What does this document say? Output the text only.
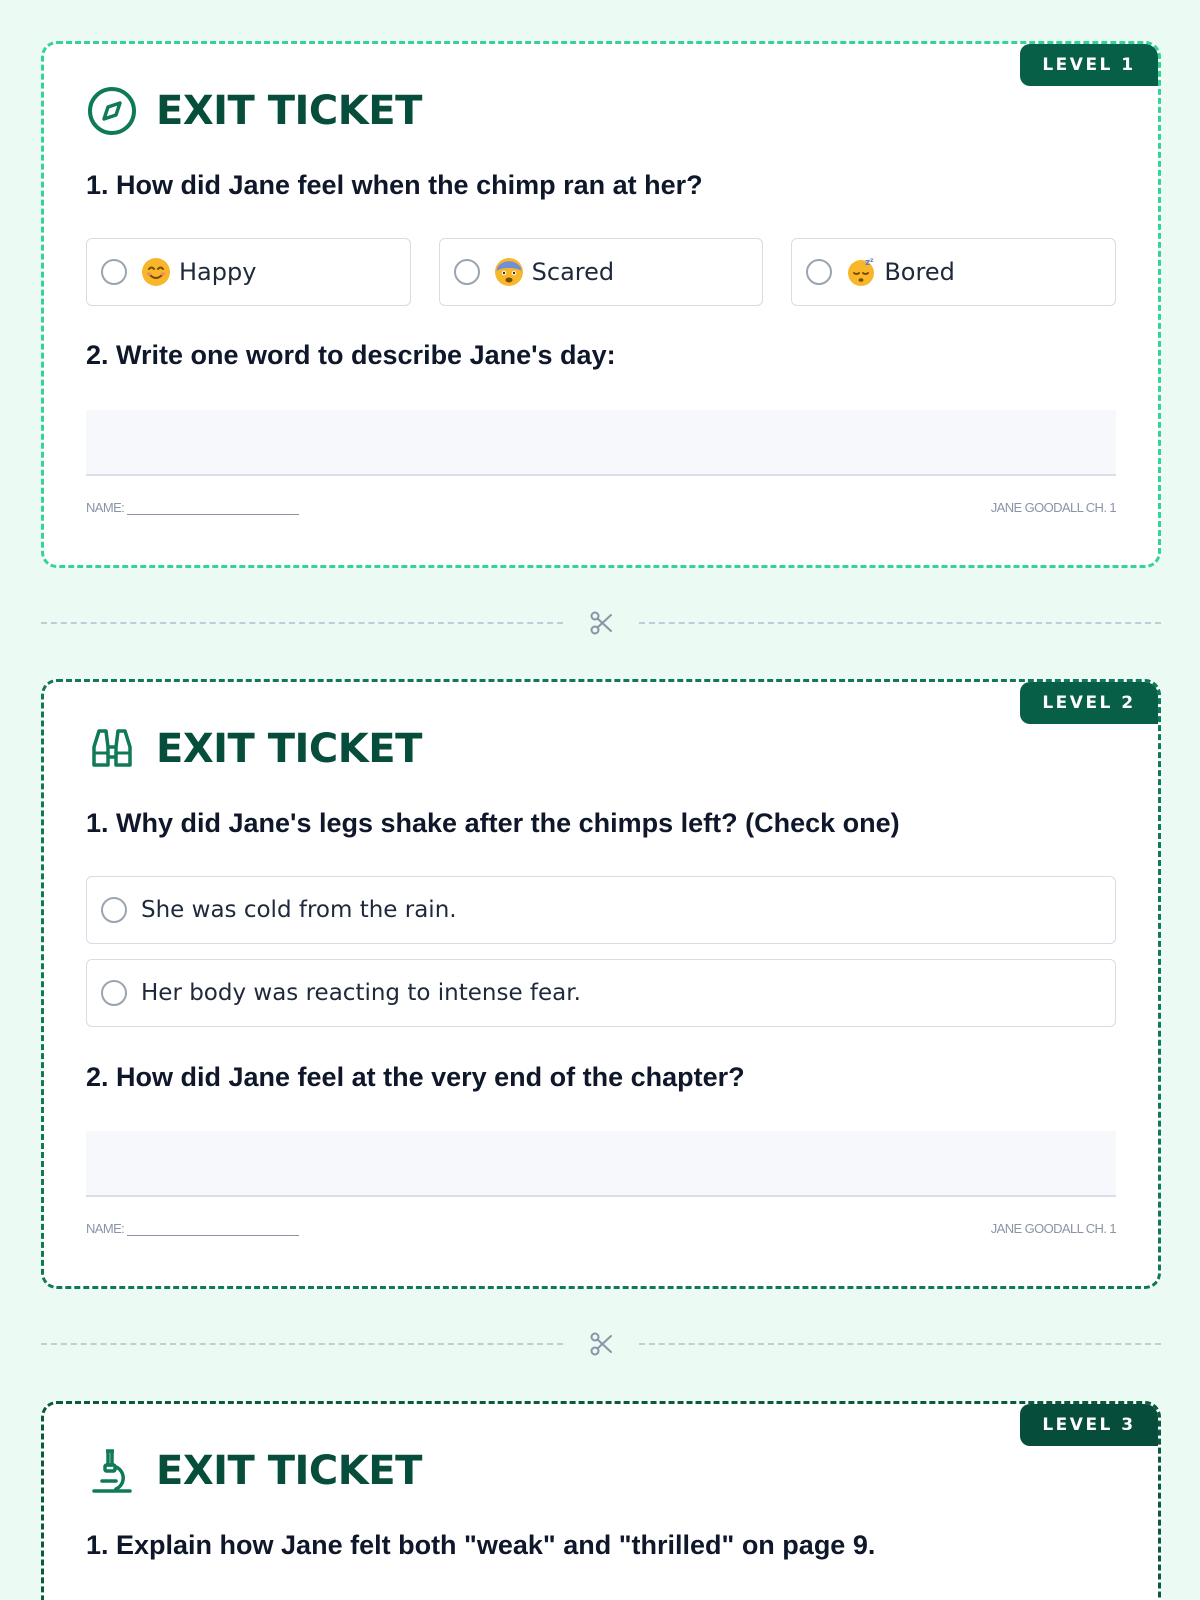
LEVEL 1
EXIT TICKET
1. How did Jane feel when the chimp ran at her?
Happy	Scared	z z Bored
2. Write one word to describe Jane's day:
NAME:	JANE GOODALL CH. 1
LEVEL 2
EXIT TICKET
1. Why did Jane's legs shake after the chimps left? (Check one)
She was cold from the rain.
Her body was reacting to intense fear.
2. How did Jane feel at the very end of the chapter?
NAME:	JANE GOODALL CH. 1
LEVEL 3
EXIT TICKET
1. Explain how Jane felt both "weak" and "thrilled" on page 9.
